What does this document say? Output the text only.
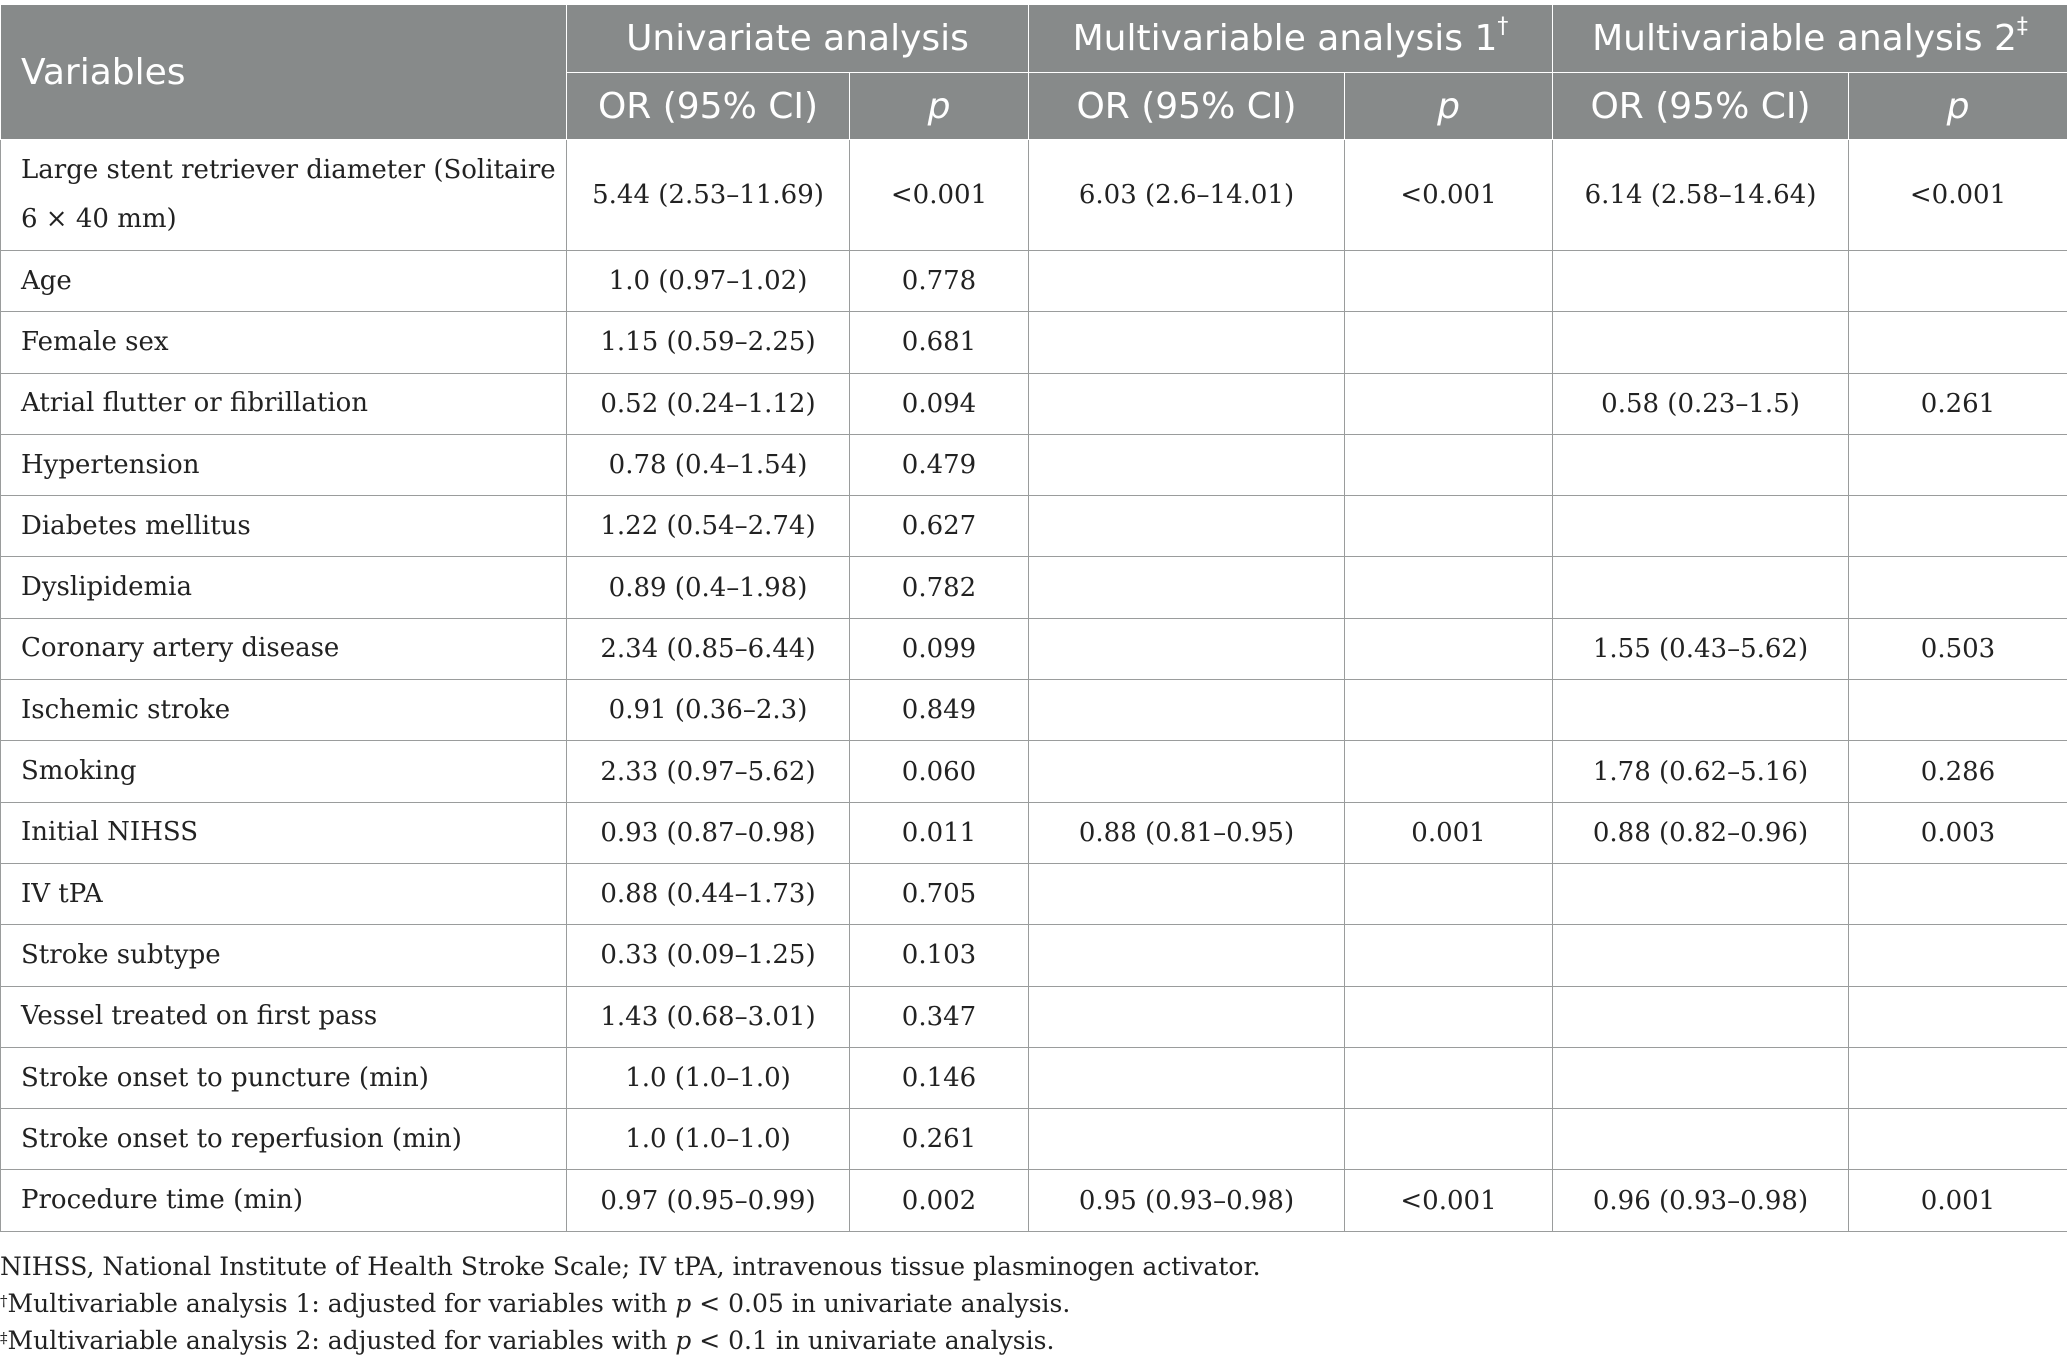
Variables	Univariate analysis		Multivariable analysis 1†		Multivariable analysis 2‡
	OR (95% CI)	p	OR (95% CI)	p	OR (95% CI)	p
Large stent retriever diameter (Solitaire 6 × 40 mm)	5.44 (2.53–11.69)	<0.001	6.03 (2.6–14.01)	<0.001	6.14 (2.58–14.64)	<0.001
Age	1.0 (0.97–1.02)	0.778				
Female sex	1.15 (0.59–2.25)	0.681				
Atrial flutter or fibrillation	0.52 (0.24–1.12)	0.094			0.58 (0.23–1.5)	0.261
Hypertension	0.78 (0.4–1.54)	0.479				
Diabetes mellitus	1.22 (0.54–2.74)	0.627				
Dyslipidemia	0.89 (0.4–1.98)	0.782				
Coronary artery disease	2.34 (0.85–6.44)	0.099			1.55 (0.43–5.62)	0.503
Ischemic stroke	0.91 (0.36–2.3)	0.849				
Smoking	2.33 (0.97–5.62)	0.060			1.78 (0.62–5.16)	0.286
Initial NIHSS	0.93 (0.87–0.98)	0.011	0.88 (0.81–0.95)	0.001	0.88 (0.82–0.96)	0.003
IV tPA	0.88 (0.44–1.73)	0.705				
Stroke subtype	0.33 (0.09–1.25)	0.103				
Vessel treated on first pass	1.43 (0.68–3.01)	0.347				
Stroke onset to puncture (min)	1.0 (1.0–1.0)	0.146				
Stroke onset to reperfusion (min)	1.0 (1.0–1.0)	0.261				
Procedure time (min)	0.97 (0.95–0.99)	0.002	0.95 (0.93–0.98)	<0.001	0.96 (0.93–0.98)	0.001
NIHSS, National Institute of Health Stroke Scale; IV tPA, intravenous tissue plasminogen activator.
†Multivariable analysis 1: adjusted for variables with p < 0.05 in univariate analysis.
‡Multivariable analysis 2: adjusted for variables with p < 0.1 in univariate analysis.
